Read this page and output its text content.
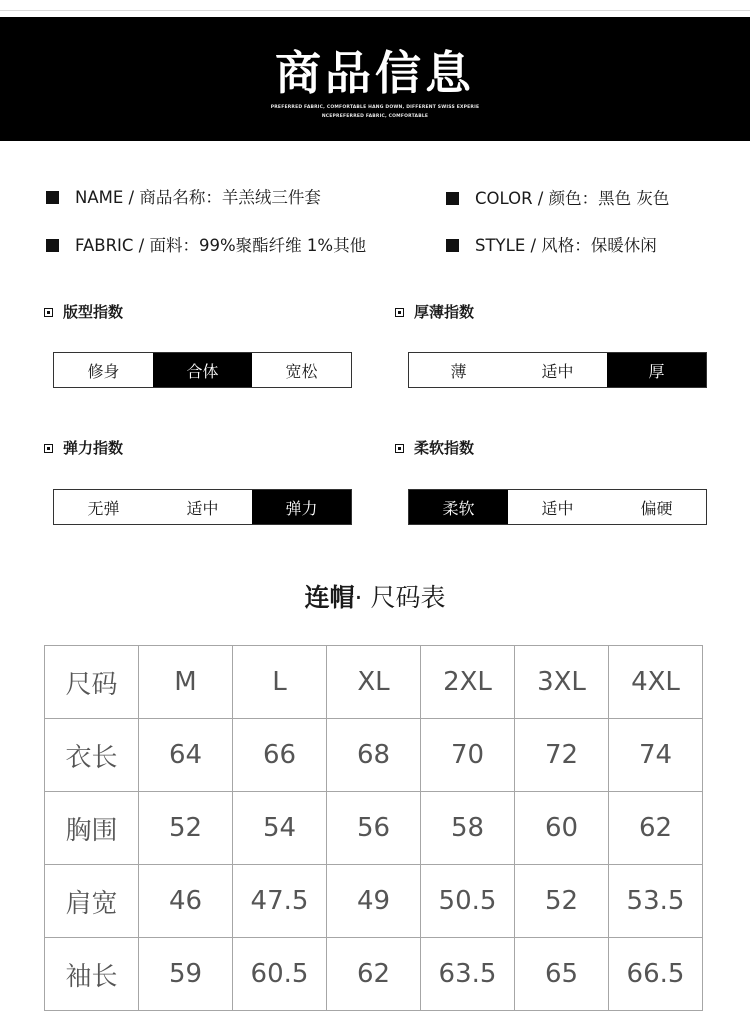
商品信息
PREFERRED FABRIC, COMFORTABLE HANG DOWN, DIFFERENT SWISS EXPERIE
NCEPREFERRED FABRIC, COMFORTABLE
NAME / 商品名称：羊羔绒三件套	COLOR / 颜色：黑色 灰色
FABRIC / 面料：99%聚酯纤维 1%其他	STYLE / 风格：保暖休闲
版型指数
修身	合体	宽松
厚薄指数
薄	适中	厚
弹力指数
无弹	适中	弹力
柔软指数
柔软	适中	偏硬
连帽· 尺码表
尺码	M	L	XL	2XL	3XL	4XL
衣长	64	66	68	70	72	74
胸围	52	54	56	58	60	62
肩宽	46	47.5	49	50.5	52	53.5
袖长	59	60.5	62	63.5	65	66.5
